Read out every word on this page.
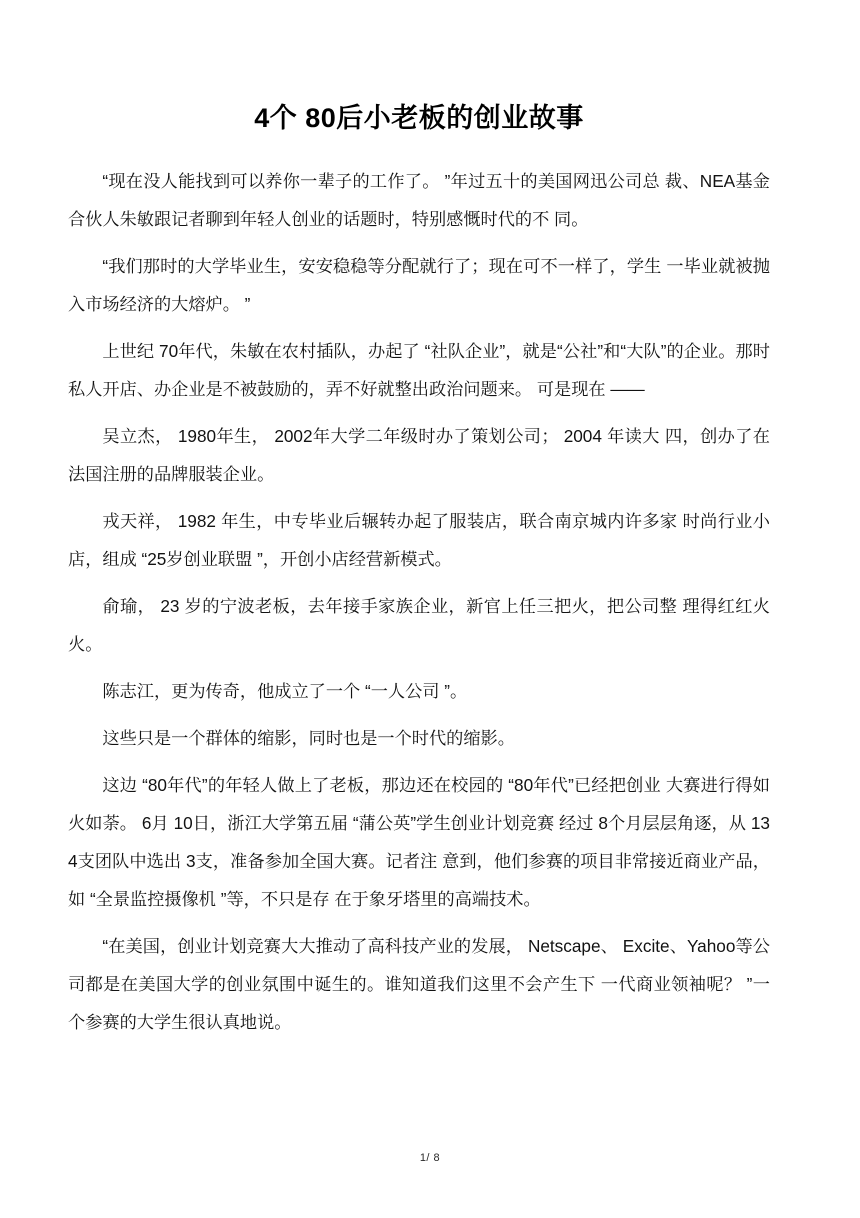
4个 80后小老板的创业故事

“现在没人能找到可以养你一辈子的工作了。 ”年过五十的美国网迅公司总 裁、NEA基金合伙人朱敏跟记者聊到年轻人创业的话题时，特别感慨时代的不 同。

“我们那时的大学毕业生，安安稳稳等分配就行了；现在可不一样了，学生 一毕业就被抛入市场经济的大熔炉。 ”

上世纪 70年代，朱敏在农村插队，办起了 “社队企业”，就是“公社”和“大队”的企业。那时私人开店、办企业是不被鼓励的，弄不好就整出政治问题来。 可是现在 ——

吴立杰， 1980年生， 2002年大学二年级时办了策划公司； 2004 年读大 四，创办了在法国注册的品牌服装企业。

戎天祥， 1982 年生，中专毕业后辗转办起了服装店，联合南京城内许多家 时尚行业小店，组成 “25岁创业联盟 ”，开创小店经营新模式。

俞瑜， 23 岁的宁波老板，去年接手家族企业，新官上任三把火，把公司整 理得红红火火。

陈志江，更为传奇，他成立了一个 “一人公司 ”。

这些只是一个群体的缩影，同时也是一个时代的缩影。

这边 “80年代”的年轻人做上了老板，那边还在校园的 “80年代”已经把创业 大赛进行得如火如荼。 6月 10日，浙江大学第五届 “蒲公英”学生创业计划竞赛 经过 8个月层层角逐，从 134支团队中选出 3支，准备参加全国大赛。记者注 意到，他们参赛的项目非常接近商业产品，如 “全景监控摄像机 ”等，不只是存 在于象牙塔里的高端技术。

“在美国，创业计划竞赛大大推动了高科技产业的发展， Netscape、 Excite、Yahoo等公司都是在美国大学的创业氛围中诞生的。谁知道我们这里不会产生下 一代商业领袖呢？ ”一个参赛的大学生很认真地说。

1/ 8
